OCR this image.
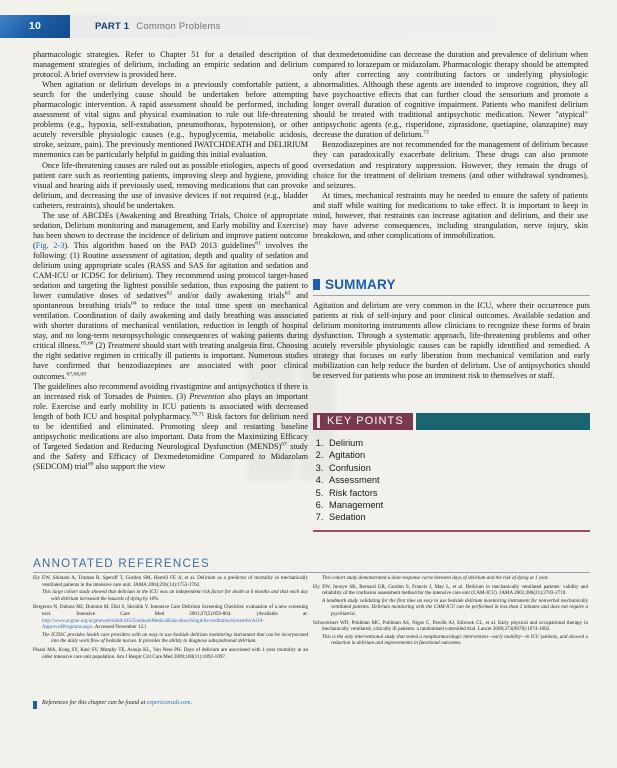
10	PART 1 Common Problems

pharmacologic strategies. Refer to Chapter 51 for a detailed description of management strategies of delirium, including an empiric sedation and delirium protocol. A brief overview is provided here.

When agitation or delirium develops in a previously comfortable patient, a search for the underlying cause should be undertaken before attempting pharmacologic intervention. A rapid assessment should be performed, including assessment of vital signs and physical examination to rule out life-threatening problems (e.g., hypoxia, self-extubation, pneumothorax, hypotension), or other acutely reversible physiologic causes (e.g., hypoglycemia, metabolic acidosis, stroke, seizure, pain). The previously mentioned IWATCHDEATH and DELIRIUM mnemonics can be particularly helpful in guiding this initial evaluation.

Once life-threatening causes are ruled out as possible etiologies, aspects of good patient care such as reorienting patients, improving sleep and hygiene, providing visual and hearing aids if previously used, removing medications that can provoke delirium, and decreasing the use of invasive devices if not required (e.g., bladder catheters, restraints), should be undertaken.

The use of ABCDEs (Awakening and Breathing Trials, Choice of appropriate sedation, Delirium monitoring and management, and Early mobility and Exercise) has been shown to decrease the incidence of delirium and improve patient outcome (Fig. 2-3). This algorithm based on the PAD 2013 guidelines$^{61}$ involves the following: (1) Routine assessment of agitation, depth and quality of sedation and delirium using appropriate scales (RASS and SAS for agitation and sedation and CAM-ICU or ICDSC for delirium). They recommend using protocol target-based sedation and targeting the lightest possible sedation, thus exposing the patient to lower cumulative doses of sedatives$^{62}$ and/or daily awakening trials$^{63}$ and spontaneous breathing trials$^{64}$ to reduce the total time spent on mechanical ventilation. Coordination of daily awakening and daily breathing was associated with shorter durations of mechanical ventilation, reduction in length of hospital stay, and no long-term neuropsychologic consequences of waking patients during critical illness.$^{65,66}$ (2) Treatment should start with treating analgesia first. Choosing the right sedative regimen in critically ill patients is important. Numerous studies have confirmed that benzodiazepines are associated with poor clinical outcomes.$^{67,68,69}$

The guidelines also recommend avoiding rivastigmine and antipsychotics if there is an increased risk of Torsades de Pointes. (3) Prevention also plays an important role. Exercise and early mobility in ICU patients is associated with decreased length of both ICU and hospital polypharmacy.$^{70,71}$ Risk factors for delirium need to be identified and eliminated. Promoting sleep and restarting baseline antipsychotic medications are also important. Data from the Maximizing Efficacy of Targeted Sedation and Reducing Neurological Dysfunction (MENDS)$^{67}$ study and the Safety and Efficacy of Dexmedetomidine Compared to Midazolam (SEDCOM) trial$^{69}$ also support the view

that dexmedetomidine can decrease the duration and prevalence of delirium when compared to lorazepam or midazolam. Pharmacologic therapy should be attempted only after correcting any contributing factors or underlying physiologic abnormalities. Although these agents are intended to improve cognition, they all have psychoactive effects that can further cloud the sensorium and promote a longer overall duration of cognitive impairment. Patients who manifest delirium should be treated with traditional antipsychotic medication. Newer "atypical" antipsychotic agents (e.g., risperidone, ziprasidone, quetiapine, olanzapine) may decrease the duration of delirium.$^{72}$

Benzodiazepines are not recommended for the management of delirium because they can paradoxically exacerbate delirium. These drugs can also promote oversedation and respiratory suppression. However, they remain the drugs of choice for the treatment of delirium tremens (and other withdrawal syndromes), and seizures.

At times, mechanical restraints may be needed to ensure the safety of patients and staff while waiting for medications to take effect. It is important to keep in mind, however, that restraints can increase agitation and delirium, and their use may have adverse consequences, including strangulation, nerve injury, skin breakdown, and other complications of immobilization.

SUMMARY

Agitation and delirium are very common in the ICU, where their occurrence puts patients at risk of self-injury and poor clinical outcomes. Available sedation and delirium monitoring instruments allow clinicians to recognize these forms of brain dysfunction. Through a systematic approach, life-threatening problems and other acutely reversible physiologic causes can be rapidly identified and remedied. A strategy that focuses on early liberation from mechanical ventilation and early mobilization can help reduce the burden of delirium. Use of antipsychotics should be reserved for patients who pose an imminent risk to themselves or staff.

KEY POINTS
1. Delirium
2. Agitation
3. Confusion
4. Assessment
5. Risk factors
6. Management
7. Sedation
ANNOTATED REFERENCES

Ely EW, Shintani A, Truman B, Speroff T, Gordon SM, Harrell FE Jr, et al. Delirium as a predictor of mortality in mechanically ventilated patients in the intensive care unit. JAMA 2004;291(14):1753-1762.

This large cohort study showed that delirium in the ICU was an independent risk factor for death at 6 months and that each day with delirium increased the hazards of dying by 10%.

Bergeron N, Dubois MJ, Dumont M, Dial S, Skrobik Y. Intensive Care Delirium Screening Checklist: evaluation of a new screening tool. Intensive Care Med 2001;27(5):859-864. (Available at: http://www.acgme.org/acgmeweb/tabid/445/GraduateMedicalEducation/SingleAccreditationSystemforAOA-ApprovedPrograms.aspx. Accessed November 12.)

The ICDSC provides health care providers with an easy to use bedside delirium monitoring instrument that can be incorporated into the daily work flow of bedside nurses. It provides the ability to diagnose subsyndromal delirium.

Pisani MA, Kong SY, Kasl SV, Murphy TE, Araujo KL, Van Ness PH. Days of delirium are associated with 1-year mortality in an older intensive care unit population. Am J Respir Crit Care Med 2009;180(11):1092-1097.

This cohort study demonstrated a dose-response curve between days of delirium and the risk of dying at 1 year.

Ely EW, Inouye SK, Bernard GR, Gordon S, Francis J, May L, et al. Delirium in mechanically ventilated patients: validity and reliability of the confusion assessment method for the intensive care unit (CAM-ICU). JAMA 2001;286(21):2703-2710.

A landmark study validating for the first time an easy to use bedside delirium monitoring instrument for nonverbal mechanically ventilated patients. Delirium monitoring with the CAM-ICU can be performed in less than 2 minutes and does not require a psychiatrist.

Schweickert WD, Pohlman MC, Pohlman AS, Nigos C, Pawlik AJ, Esbrook CL, et al. Early physical and occupational therapy in mechanically ventilated, critically ill patients: a randomised controlled trial. Lancet 2009;373(9678):1874-1882.

This is the only interventional study that tested a nonpharmacologic intervention—early mobility—in ICU patients, and showed a reduction in delirium and improvements in functional outcomes.

References for this chapter can be found at expertconsult.com.
